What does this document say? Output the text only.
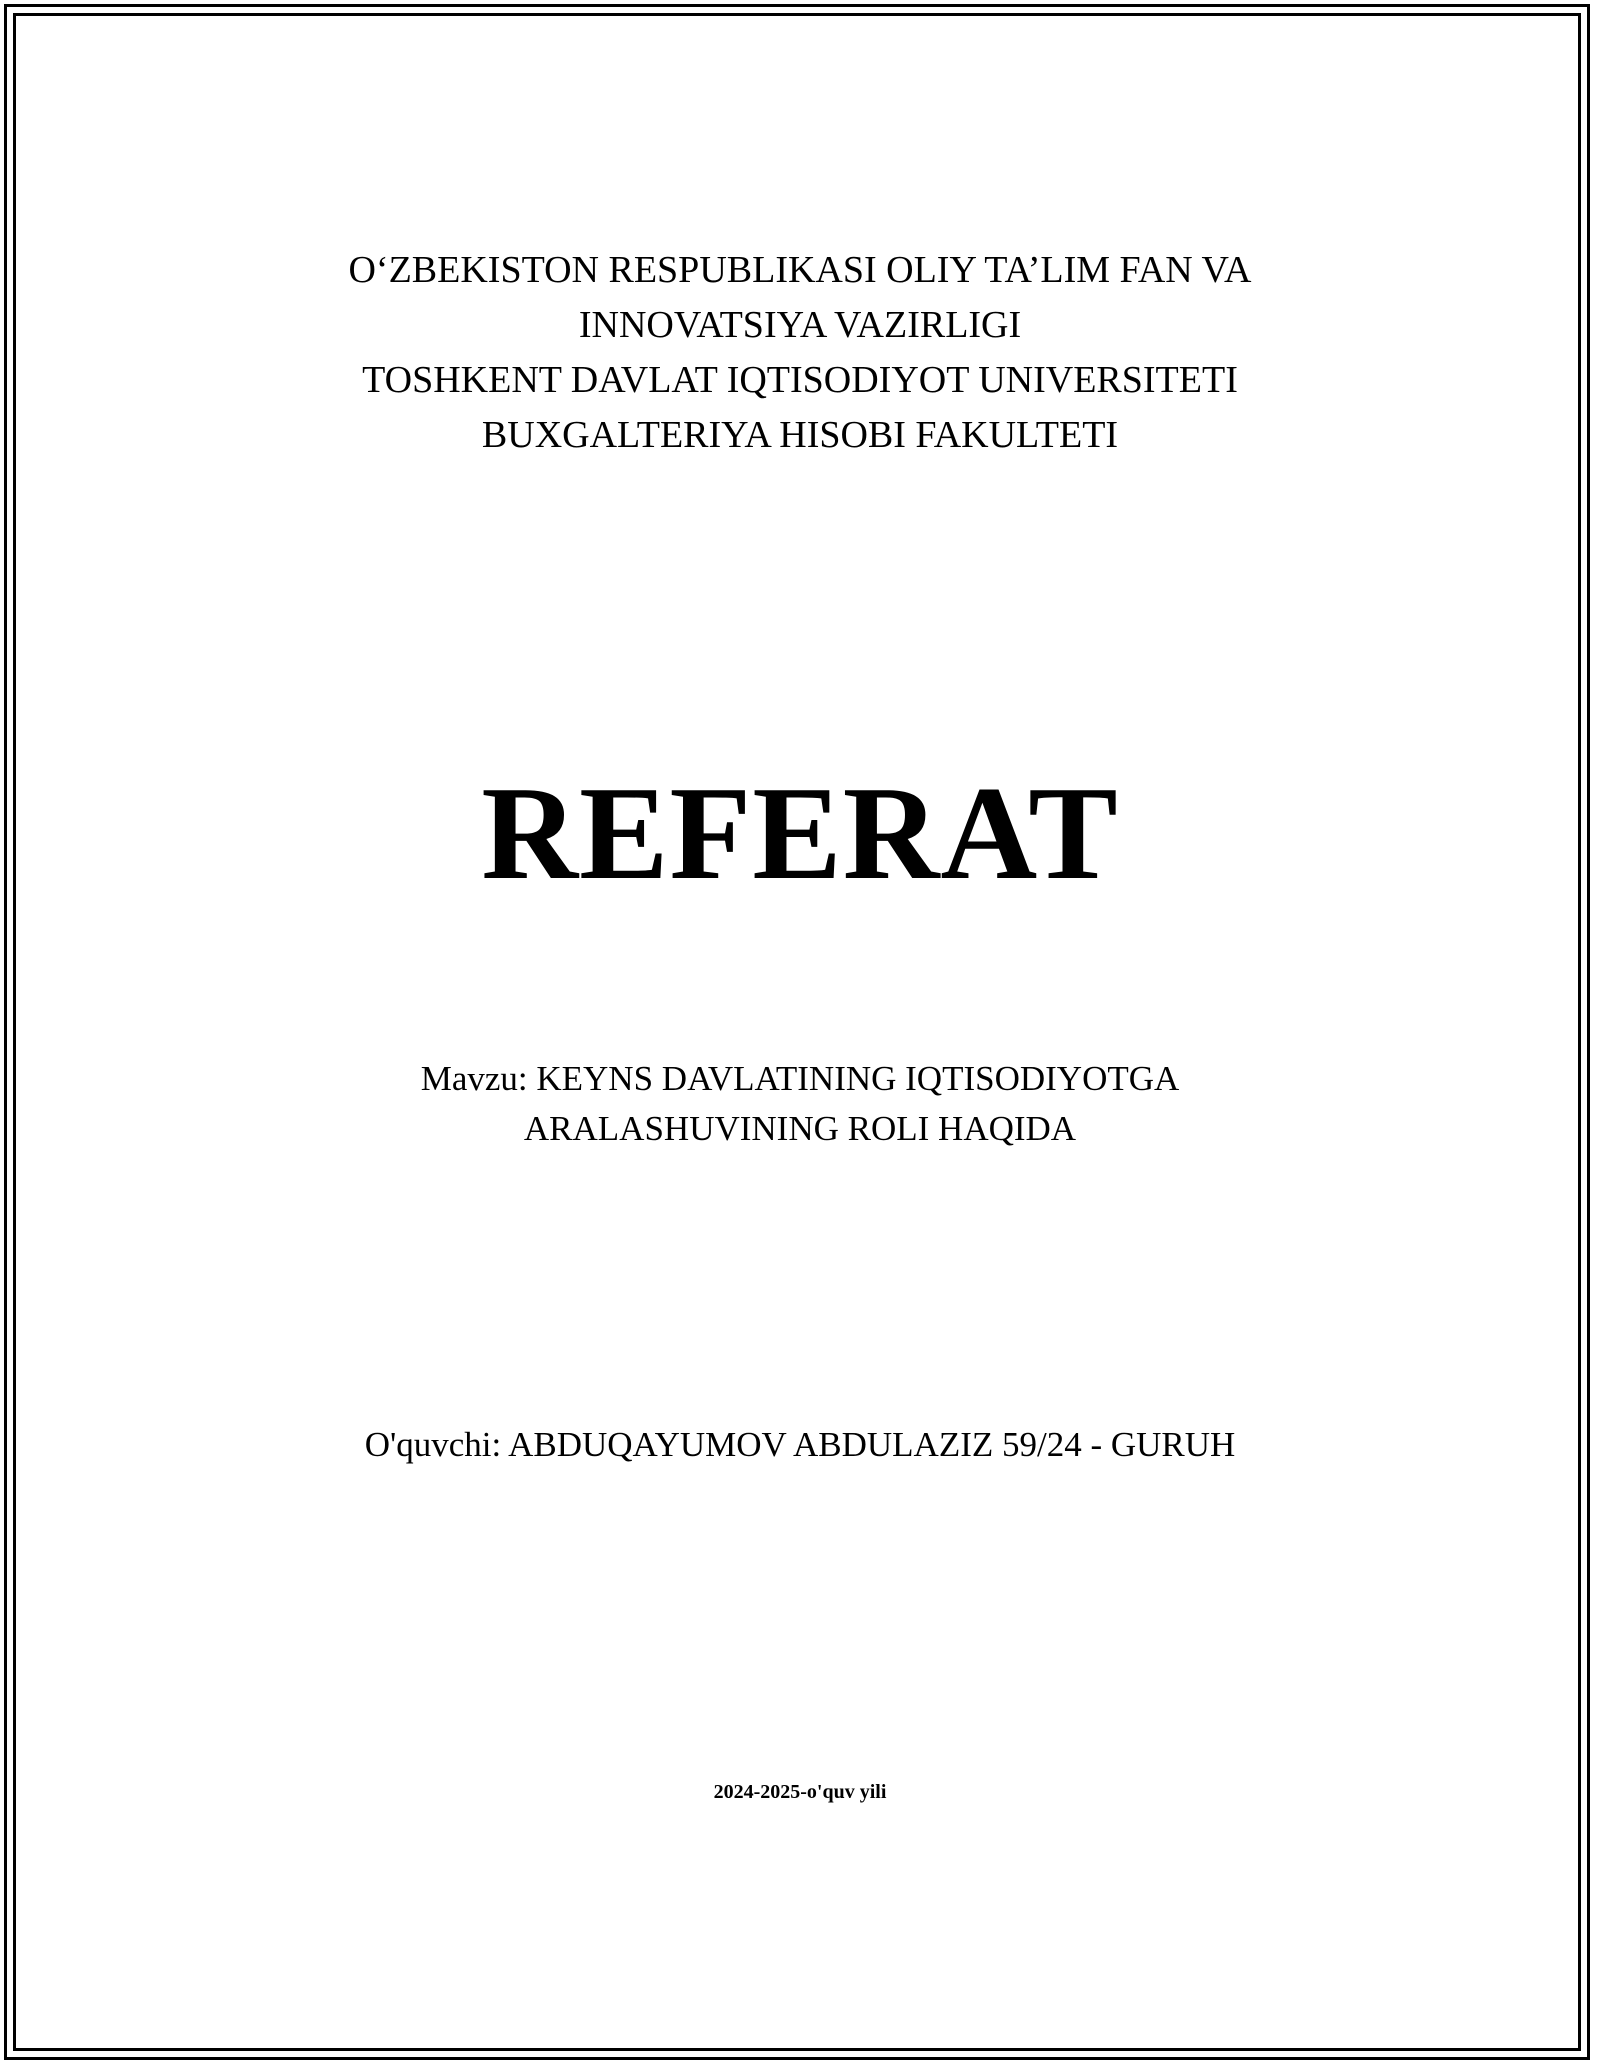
O‘ZBEKISTON RESPUBLIKASI OLIY TA’LIM FAN VA
INNOVATSIYA VAZIRLIGI
TOSHKENT DAVLAT IQTISODIYOT UNIVERSITETI
BUXGALTERIYA HISOBI FAKULTETI
REFERAT
Mavzu: KEYNS DAVLATINING IQTISODIYOTGA
ARALASHUVINING ROLI HAQIDA
O'quvchi: ABDUQAYUMOV ABDULAZIZ 59/24 - GURUH
2024-2025-o'quv yili
